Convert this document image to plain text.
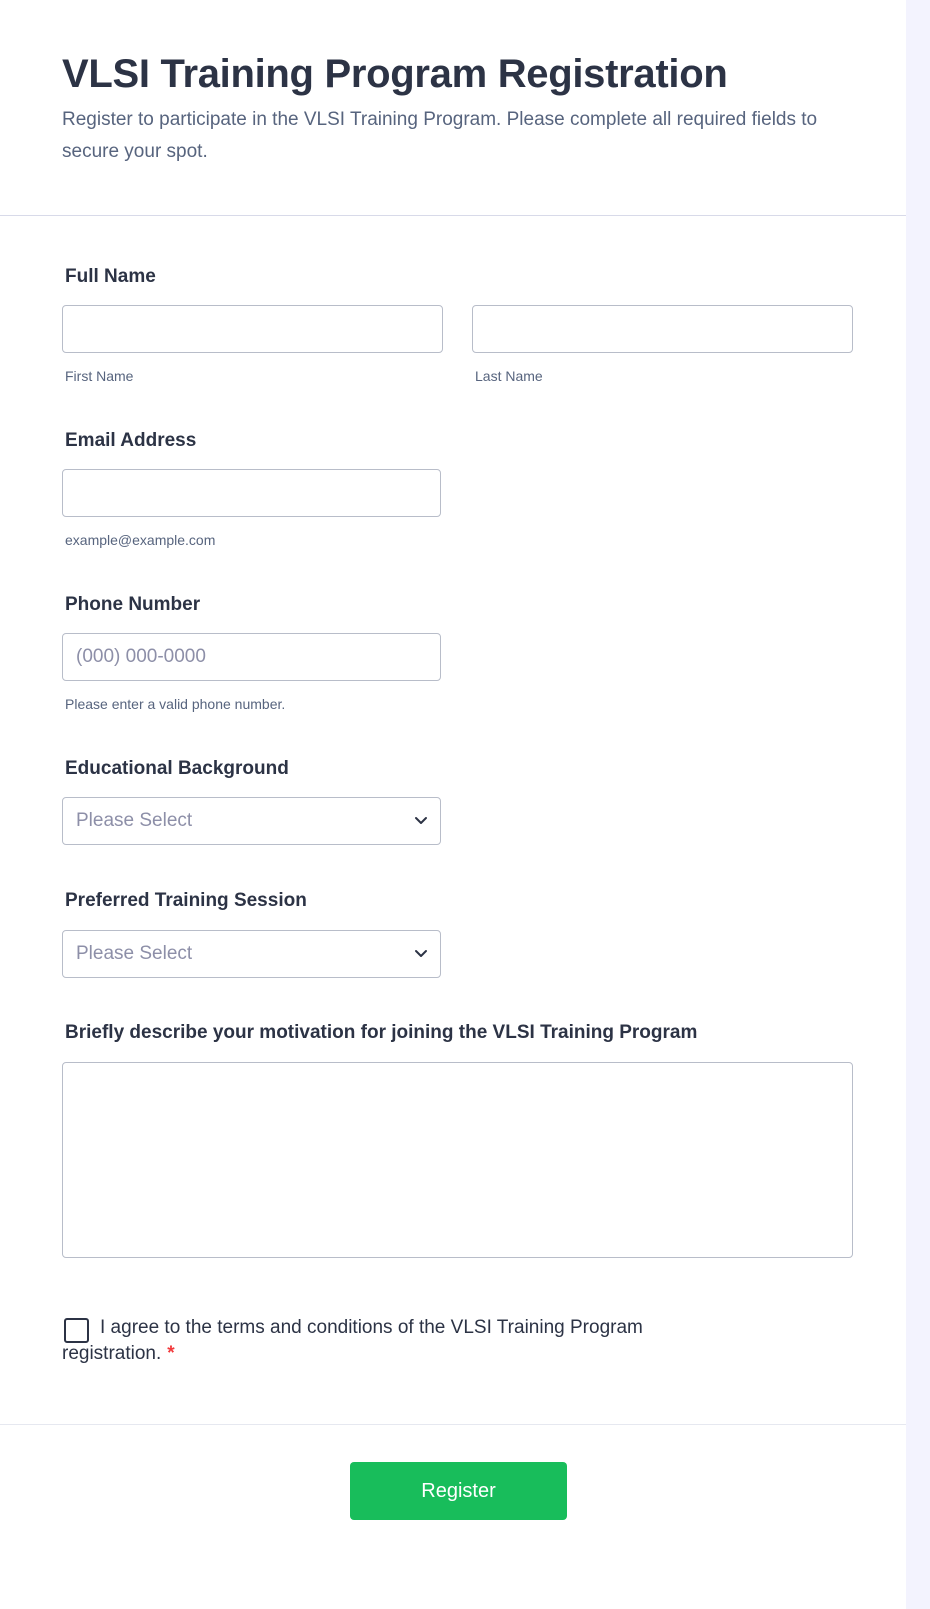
VLSI Training Program Registration

Register to participate in the VLSI Training Program. Please complete all required fields to secure your spot.

Full Name
First Name	Last Name
Email Address
example@example.com
Phone Number
(000) 000-0000
Please enter a valid phone number.
Educational Background
Please Select
Preferred Training Session
Please Select
Briefly describe your motivation for joining the VLSI Training Program
I agree to the terms and conditions of the VLSI Training Program registration. *
Register
